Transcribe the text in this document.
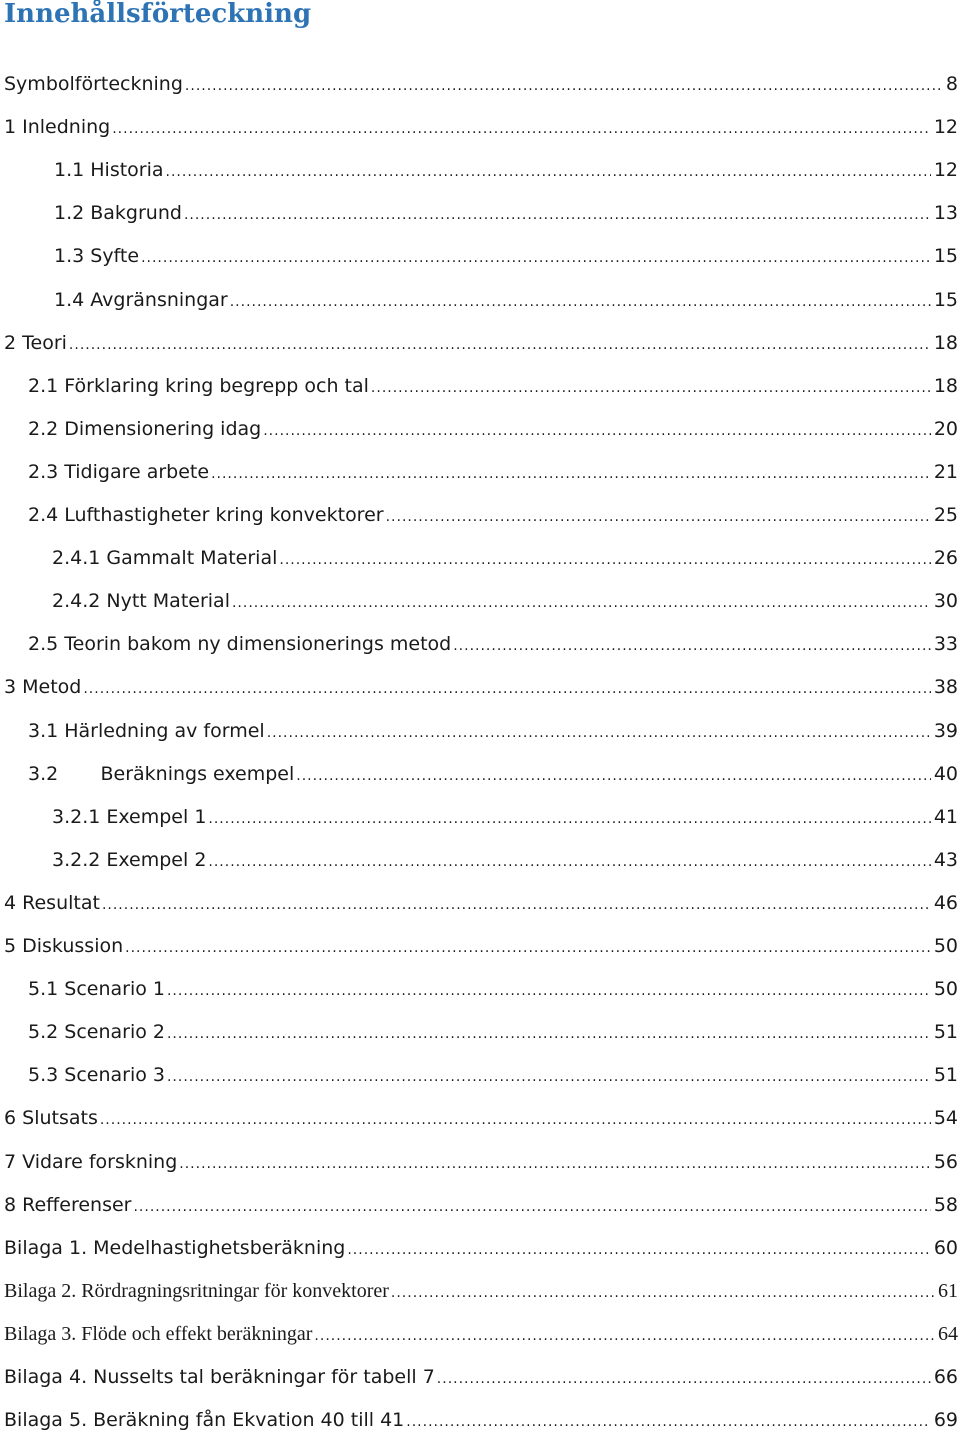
Innehållsförteckning
Symbolförteckning .....	8
1 Inledning .....	12
1.1 Historia .....	12
1.2 Bakgrund .....	13
1.3 Syfte .....	15
1.4 Avgränsningar .....	15
2 Teori .....	18
2.1 Förklaring kring begrepp och tal .....	18
2.2 Dimensionering idag .....	20
2.3 Tidigare arbete .....	21
2.4 Lufthastigheter kring konvektorer .....	25
2.4.1 Gammalt Material .....	26
2.4.2 Nytt Material .....	30
2.5 Teorin bakom ny dimensionerings metod .....	33
3 Metod .....	38
3.1 Härledning av formel .....	39
3.2       Beräknings exempel .....	40
3.2.1 Exempel 1 .....	41
3.2.2 Exempel 2 .....	43
4 Resultat .....	46
5 Diskussion .....	50
5.1 Scenario 1 .....	50
5.2 Scenario 2 .....	51
5.3 Scenario 3 .....	51
6 Slutsats .....	54
7 Vidare forskning .....	56
8 Refferenser .....	58
Bilaga 1. Medelhastighetsberäkning .....	60
Bilaga 2. Rördragningsritningar för konvektorer .....	61
Bilaga 3. Flöde och effekt beräkningar .....	64
Bilaga 4. Nusselts tal beräkningar för tabell 7 .....	66
Bilaga 5. Beräkning fån Ekvation 40 till 41 .....	69
